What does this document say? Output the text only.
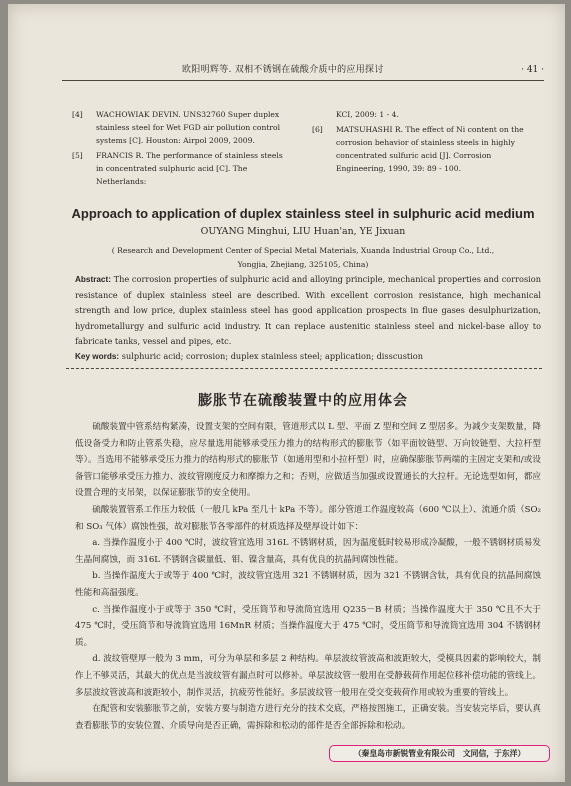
欧阳明辉等. 双相不锈钢在硫酸介质中的应用探讨	· 41 ·
[4] WACHOWIAK DEVIN. UNS32760 Super duplex stainless steel for Wet FGD air pollution control systems [C]. Houston: Airpol 2009, 2009.
[5] FRANCIS R. The performance of stainless steels in concentrated sulphuric acid [C]. The Netherlands:
KCI, 2009: 1 - 4.
[6] MATSUHASHI R. The effect of Ni content on the corrosion behavior of stainless steels in highly concentrated sulfuric acid [J]. Corrosion Engineering, 1990, 39: 89 - 100.
Approach to application of duplex stainless steel in sulphuric acid medium
OUYANG Minghui, LIU Huan'an, YE Jixuan
( Research and Development Center of Special Metal Materials, Xuanda Industrial Group Co., Ltd.,
Yongjia, Zhejiang, 325105, China)
Abstract: The corrosion properties of sulphuric acid and alloying principle, mechanical properties and corrosion resistance of duplex stainless steel are described. With excellent corrosion resistance, high mechanical strength and low price, duplex stainless steel has good application prospects in flue gases desulphurization, hydrometallurgy and sulfuric acid industry. It can replace austenitic stainless steel and nickel-base alloy to fabricate tanks, vessel and pipes, etc.
Key words: sulphuric acid; corrosion; duplex stainless steel; application; disscustion
膨胀节在硫酸装置中的应用体会

硫酸装置中管系结构紧凑，设置支架的空间有限，管道形式以 L 型、平面 Z 型和空间 Z 型居多。为减少支架数量，降低设备受力和防止管系失稳，应尽量选用能够承受压力推力的结构形式的膨胀节（如平面铰链型、万向铰链型、大拉杆型等）。当选用不能够承受压力推力的结构形式的膨胀节（如通用型和小拉杆型）时，应确保膨胀节两端的主固定支架和/或设备管口能够承受压力推力、波纹管刚度反力和摩擦力之和；否则，应做适当加强或设置通长的大拉杆。无论选型如何，都应设置合理的支吊架，以保证膨胀节的安全使用。

硫酸装置管系工作压力较低（一般几 kPa 至几十 kPa 不等）。部分管道工作温度较高（600 ℃以上）、流通介质（SO₂ 和 SO₃ 气体）腐蚀性强，故对膨胀节各零部件的材质选择及壁厚设计如下：

a. 当操作温度小于 400 ℃时，波纹管宜选用 316L 不锈钢材质，因为温度低时较易形成冷凝酸，一般不锈钢材质易发生晶间腐蚀，而 316L 不锈钢含碳量低、钼、镍含量高，具有优良的抗晶间腐蚀性能。

b. 当操作温度大于或等于 400 ℃时，波纹管宜选用 321 不锈钢材质，因为 321 不锈钢含钛，具有优良的抗晶间腐蚀性能和高温强度。

c. 当操作温度小于或等于 350 ℃时，受压筒节和导流筒宜选用 Q235－B 材质；当操作温度大于 350 ℃且不大于 475 ℃时，受压筒节和导流筒宜选用 16MnR 材质；当操作温度大于 475 ℃时，受压筒节和导流筒宜选用 304 不锈钢材质。

d. 波纹管壁厚一般为 3 mm，可分为单层和多层 2 种结构。单层波纹管波高和波距较大，受模具因素的影响较大，制作上不够灵活，其最大的优点是当波纹管有漏点时可以修补。单层波纹管一般用在受静载荷作用起位移补偿功能的管线上。多层波纹管波高和波距较小，制作灵活，抗疲劳性能好。多层波纹管一般用在受交变载荷作用或较为重要的管线上。

在配管和安装膨胀节之前，安装方要与制造方进行充分的技术交底，严格按图施工，正确安装。当安装完毕后，要认真查看膨胀节的安装位置、介质导向是否正确，需拆除和松动的部件是否全部拆除和松动。

（秦皇岛市新锐管业有限公司　文同信，于东洋）
